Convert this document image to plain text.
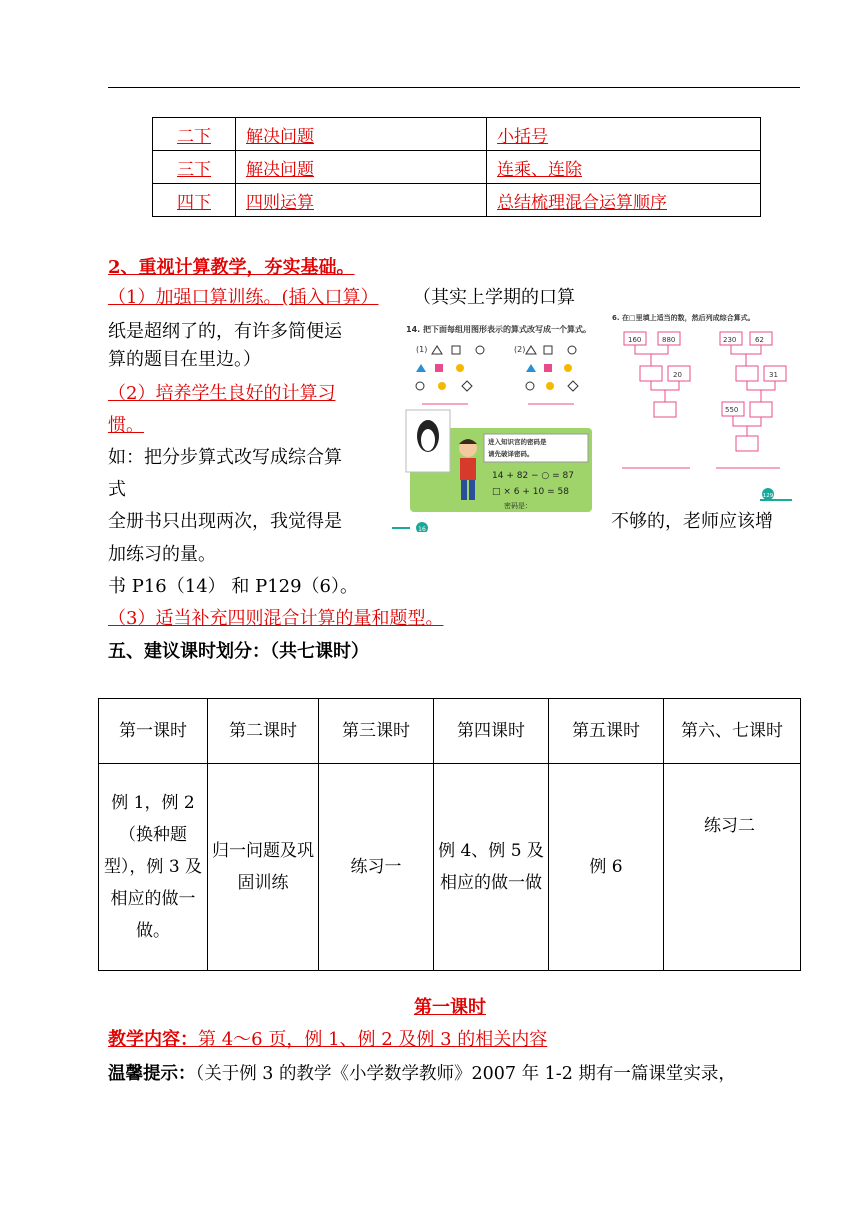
二下	解决问题	小括号
三下	解决问题	连乘、连除
四下	四则运算	总结梳理混合运算顺序
2、重视计算教学，夯实基础。
（1）加强口算训练。(插入口算） （其实上学期的口算
纸是超纲了的，有许多简便运
算的题目在里边。）
（2）培养学生良好的计算习
惯。
如：把分步算式改写成综合算
式
全册书只出现两次，我觉得是	不够的，老师应该增
加练习的量。
书 P16（14） 和 P129（6）。
（3）适当补充四则混合计算的量和题型。
五、建议课时划分：（共七课时）
14. 把下面每组用图形表示的算式改写成一个算式。
(1)	(2)
进入知识宫的密码是
请先破译密码。
14 + 82 − ○ = 87
□ × 6 + 10 = 58
密码是：
16
6. 在□里填上适当的数，然后列成综合算式。
160	880
20
230	62
31
550
129
第一课时	第二课时	第三课时	第四课时	第五课时	第六、七课时
例 1，例 2（换种题型），例 3 及相应的做一做。	归一问题及巩固训练	练习一	例 4、例 5 及相应的做一做	例 6	练习二
第一课时
教学内容：第 4～6 页，例 1、例 2 及例 3 的相关内容
温馨提示：（关于例 3 的教学《小学数学教师》2007 年 1-2 期有一篇课堂实录，
